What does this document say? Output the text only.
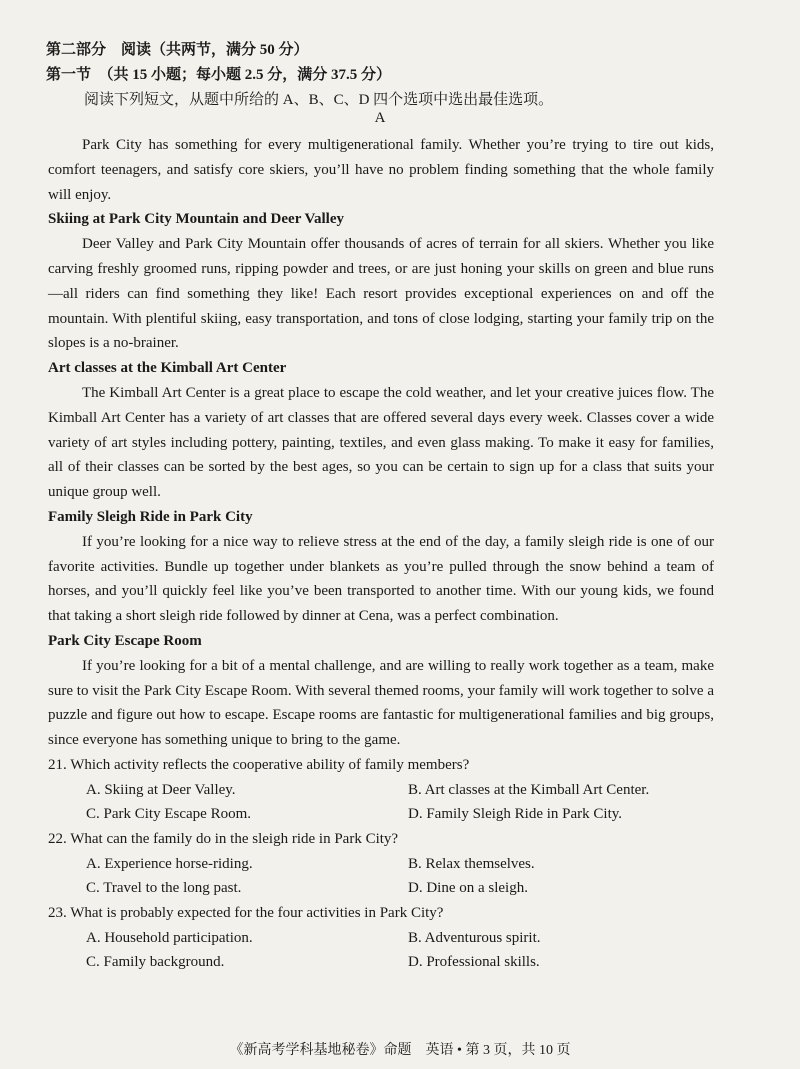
第二部分　阅读（共两节，满分 50 分）
第一节　（共 15 小题；每小题 2.5 分，满分 37.5 分）
阅读下列短文，从题中所给的 A、B、C、D 四个选项中选出最佳选项。
A

Park City has something for every multigenerational family. Whether you’re trying to tire out kids, comfort teenagers, and satisfy core skiers, you’ll have no problem finding something that the whole family will enjoy.

Skiing at Park City Mountain and Deer Valley

Deer Valley and Park City Mountain offer thousands of acres of terrain for all skiers. Whether you like carving freshly groomed runs, ripping powder and trees, or are just honing your skills on green and blue runs—all riders can find something they like! Each resort provides exceptional experiences on and off the mountain. With plentiful skiing, easy transportation, and tons of close lodging, starting your family trip on the slopes is a no-brainer.

Art classes at the Kimball Art Center

The Kimball Art Center is a great place to escape the cold weather, and let your creative juices flow. The Kimball Art Center has a variety of art classes that are offered several days every week. Classes cover a wide variety of art styles including pottery, painting, textiles, and even glass making. To make it easy for families, all of their classes can be sorted by the best ages, so you can be certain to sign up for a class that suits your unique group well.

Family Sleigh Ride in Park City

If you’re looking for a nice way to relieve stress at the end of the day, a family sleigh ride is one of our favorite activities. Bundle up together under blankets as you’re pulled through the snow behind a team of horses, and you’ll quickly feel like you’ve been transported to another time. With our young kids, we found that taking a short sleigh ride followed by dinner at Cena, was a perfect combination.

Park City Escape Room

If you’re looking for a bit of a mental challenge, and are willing to really work together as a team, make sure to visit the Park City Escape Room. With several themed rooms, your family will work together to solve a puzzle and figure out how to escape. Escape rooms are fantastic for multigenerational families and big groups, since everyone has something unique to bring to the game.

21. Which activity reflects the cooperative ability of family members?

A. Skiing at Deer Valley.	B. Art classes at the Kimball Art Center.
C. Park City Escape Room.	D. Family Sleigh Ride in Park City.

22. What can the family do in the sleigh ride in Park City?

A. Experience horse-riding.	B. Relax themselves.
C. Travel to the long past.	D. Dine on a sleigh.

23. What is probably expected for the four activities in Park City?

A. Household participation.	B. Adventurous spirit.
C. Family background.	D. Professional skills.
《新高考学科基地秘卷》命题　英语 • 第 3 页，共 10 页
